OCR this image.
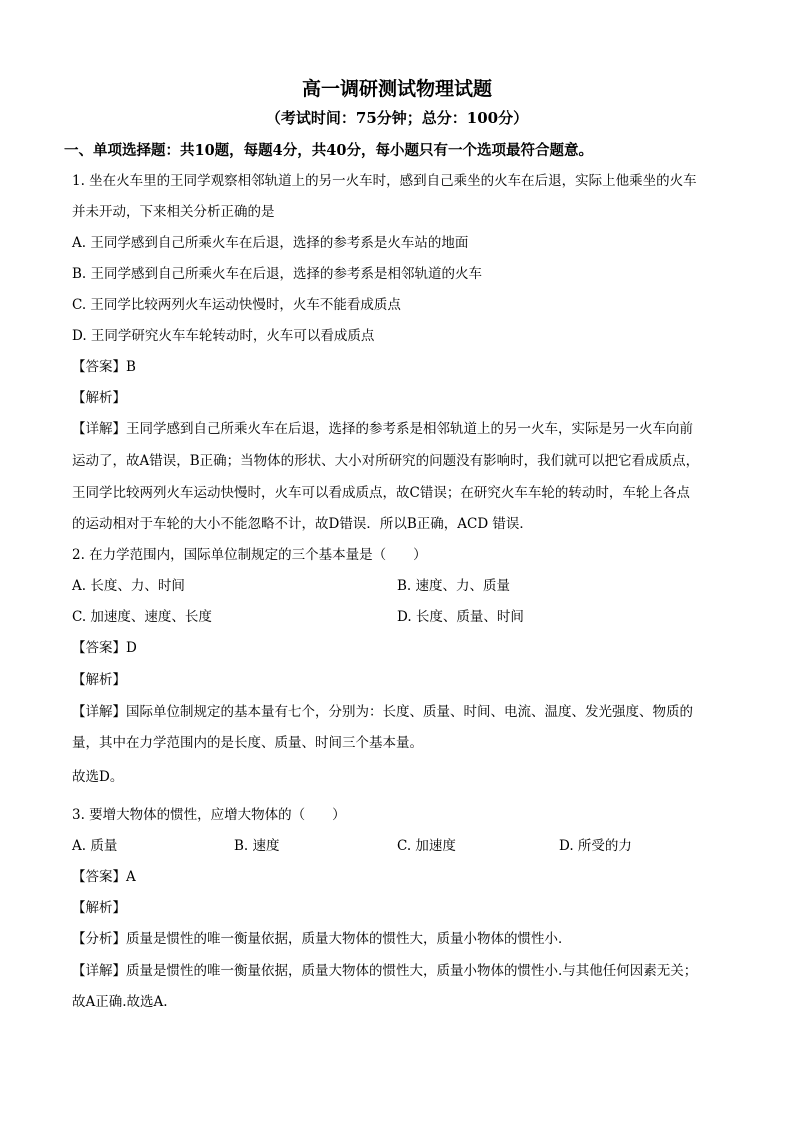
高一调研测试物理试题
（考试时间：75分钟；总分：100分）
一、单项选择题：共10题，每题4分，共40分，每小题只有一个选项最符合题意。
1. 坐在火车里的王同学观察相邻轨道上的另一火车时，感到自己乘坐的火车在后退，实际上他乘坐的火车
并未开动，下来相关分析正确的是
A. 王同学感到自己所乘火车在后退，选择的参考系是火车站的地面
B. 王同学感到自己所乘火车在后退，选择的参考系是相邻轨道的火车
C. 王同学比较两列火车运动快慢时，火车不能看成质点
D. 王同学研究火车车轮转动时，火车可以看成质点
【答案】B
【解析】
【详解】王同学感到自己所乘火车在后退，选择的参考系是相邻轨道上的另一火车，实际是另一火车向前
运动了，故A错误，B正确；当物体的形状、大小对所研究的问题没有影响时，我们就可以把它看成质点，
王同学比较两列火车运动快慢时，火车可以看成质点，故C错误；在研究火车车轮的转动时，车轮上各点
的运动相对于车轮的大小不能忽略不计，故D错误．所以B正确，ACD 错误．
2. 在力学范围内，国际单位制规定的三个基本量是（　　）
A. 长度、力、时间	B. 速度、力、质量
C. 加速度、速度、长度	D. 长度、质量、时间
【答案】D
【解析】
【详解】国际单位制规定的基本量有七个，分别为：长度、质量、时间、电流、温度、发光强度、物质的
量，其中在力学范围内的是长度、质量、时间三个基本量。
故选D。
3. 要增大物体的惯性，应增大物体的（　　）
A. 质量	B. 速度	C. 加速度	D. 所受的力
【答案】A
【解析】
【分析】质量是惯性的唯一衡量依据，质量大物体的惯性大，质量小物体的惯性小．
【详解】质量是惯性的唯一衡量依据，质量大物体的惯性大，质量小物体的惯性小.与其他任何因素无关；
故A正确.故选A.
